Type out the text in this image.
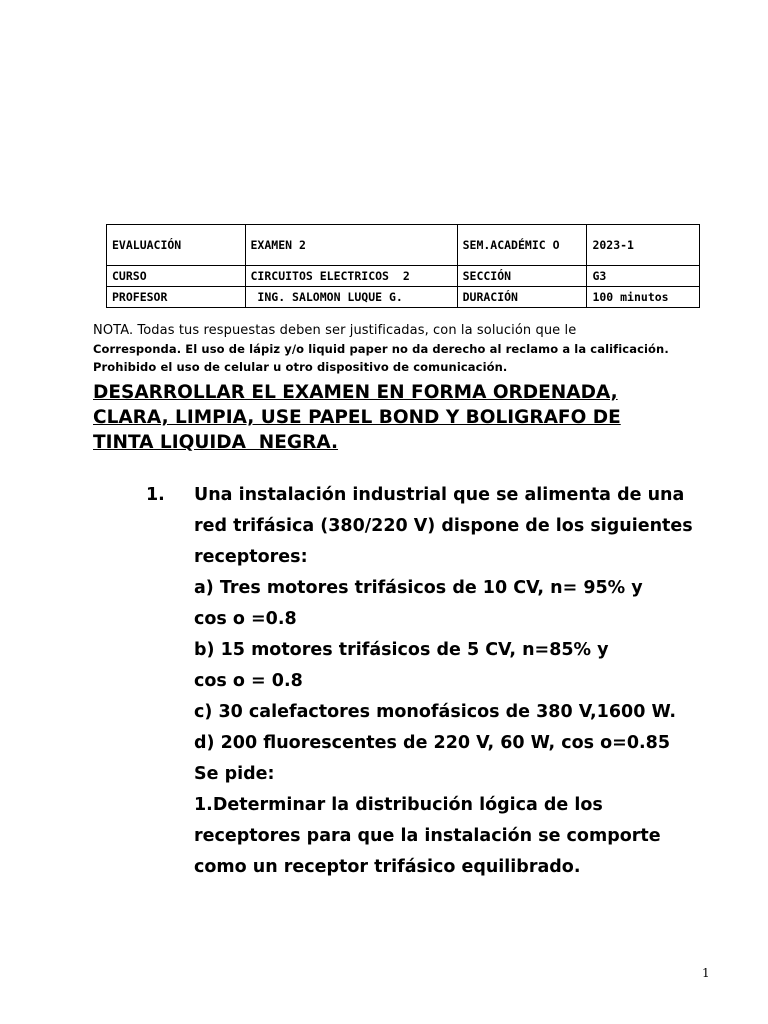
EVALUACIÓN	EXAMEN 2	SEM.ACADÉMIC O	2023-1
CURSO	CIRCUITOS ELECTRICOS  2	SECCIÓN	G3
PROFESOR	ING. SALOMON LUQUE G.	DURACIÓN	100 minutos

NOTA. Todas tus respuestas deben ser justificadas, con la solución que le

Corresponda. El uso de lápiz y/o liquid paper no da derecho al reclamo a la calificación.

Prohibido el uso de celular u otro dispositivo de comunicación.

DESARROLLAR EL EXAMEN EN FORMA ORDENADA,

CLARA, LIMPIA, USE PAPEL BOND Y BOLIGRAFO DE

TINTA LIQUIDA  NEGRA.

1. Una instalación industrial que se alimenta de una

red trifásica (380/220 V) dispone de los siguientes

receptores:

a) Tres motores trifásicos de 10 CV, n= 95% y

cos o =0.8

b) 15 motores trifásicos de 5 CV, n=85% y

cos o = 0.8

c) 30 calefactores monofásicos de 380 V,1600 W.

d) 200 fluorescentes de 220 V, 60 W, cos o=0.85

Se pide:

1.Determinar la distribución lógica de los

receptores para que la instalación se comporte

como un receptor trifásico equilibrado.

1
